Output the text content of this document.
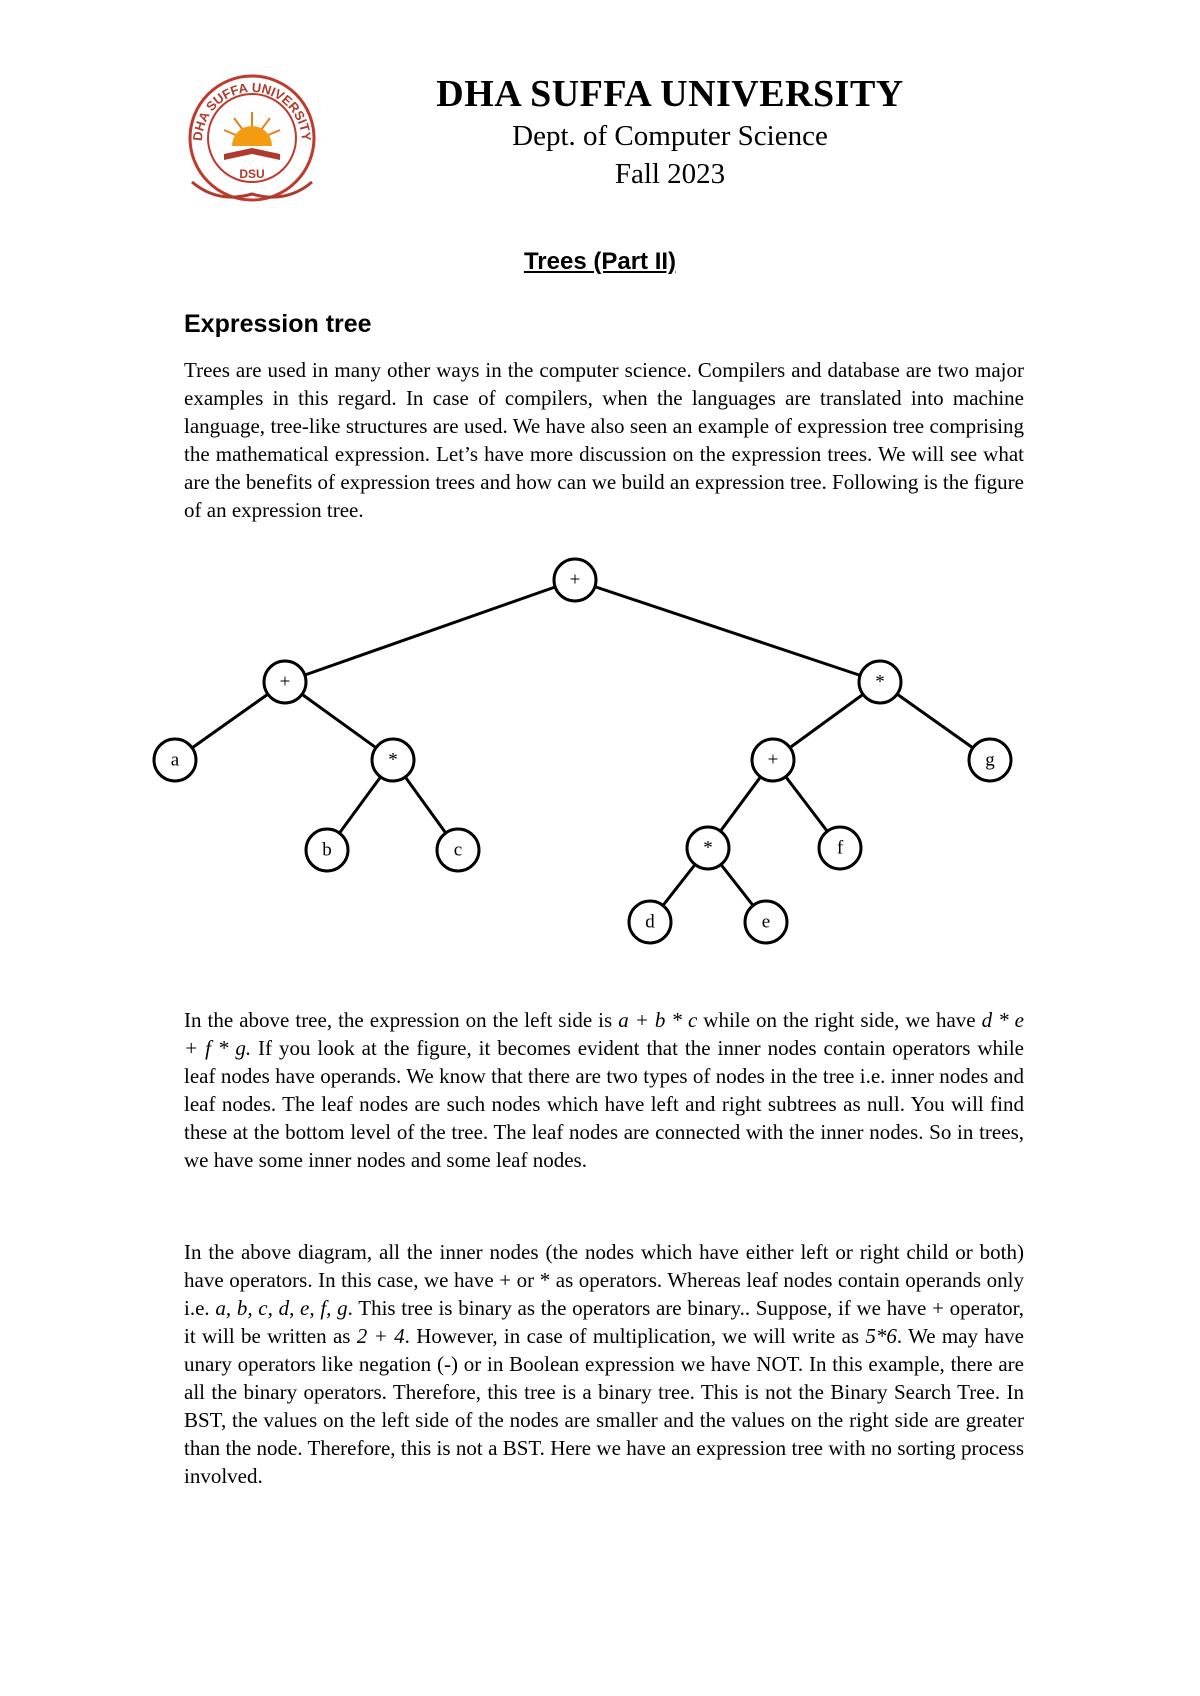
DHA SUFFA UNIVERSITY
DSU
DHA SUFFA UNIVERSITY
Dept. of Computer Science
Fall 2023
Trees (Part II)
Expression tree

Trees are used in many other ways in the computer science. Compilers and database are two major examples in this regard. In case of compilers, when the languages are translated into machine language, tree-like structures are used. We have also seen an example of expression tree comprising the mathematical expression. Let’s have more discussion on the expression trees. We will see what are the benefits of expression trees and how can we build an expression tree. Following is the figure of an expression tree.

+
+	*
a	*
b	c
+	g
*	f
d	e

In the above tree, the expression on the left side is a + b * c while on the right side, we have d * e + f * g. If you look at the figure, it becomes evident that the inner nodes contain operators while leaf nodes have operands. We know that there are two types of nodes in the tree i.e. inner nodes and leaf nodes. The leaf nodes are such nodes which have left and right subtrees as null. You will find these at the bottom level of the tree. The leaf nodes are connected with the inner nodes. So in trees, we have some inner nodes and some leaf nodes.

In the above diagram, all the inner nodes (the nodes which have either left or right child or both) have operators. In this case, we have + or * as operators. Whereas leaf nodes contain operands only i.e. a, b, c, d, e, f, g. This tree is binary as the operators are binary.. Suppose, if we have + operator, it will be written as 2 + 4. However, in case of multiplication, we will write as 5*6. We may have unary operators like negation (-) or in Boolean expression we have NOT. In this example, there are all the binary operators. Therefore, this tree is a binary tree. This is not the Binary Search Tree. In BST, the values on the left side of the nodes are smaller and the values on the right side are greater than the node. Therefore, this is not a BST. Here we have an expression tree with no sorting process involved.
